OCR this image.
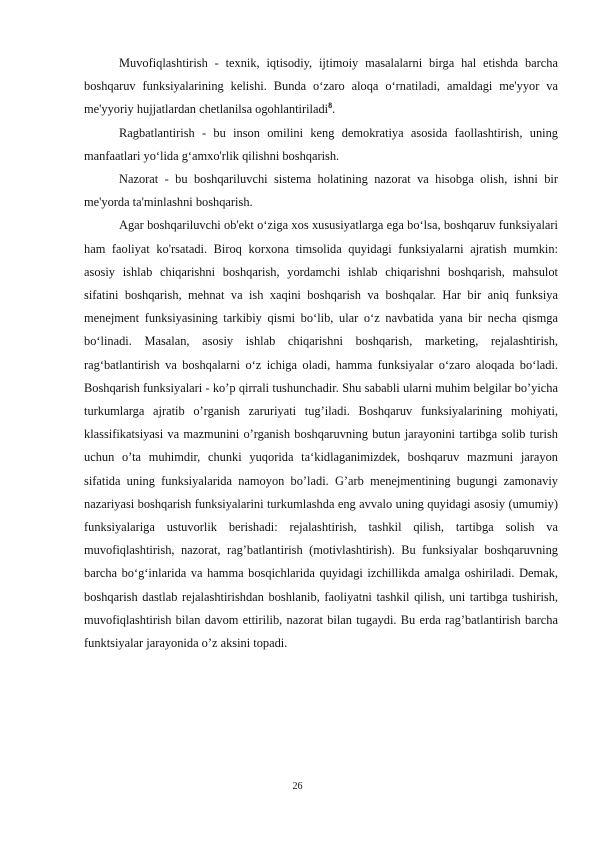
Muvofiqlashtirish - texnik, iqtisodiy, ijtimoiy masalalarni birga hal etishda barcha boshqaruv funksiyalarining kelishi. Bunda o‘zaro aloqa o‘rnatiladi, amaldagi me'yyor va me'yyoriy hujjatlardan chetlanilsa ogohlantiriladi$^8$.

Ragbatlantirish - bu inson omilini keng demokratiya asosida faollashtirish, uning manfaatlari yo‘lida g‘amxo'rlik qilishni boshqarish.

Nazorat - bu boshqariluvchi sistema holatining nazorat va hisobga olish, ishni bir me'yorda ta'minlashni boshqarish.

Agar boshqariluvchi ob'ekt o‘ziga xos xususiyatlarga ega bo‘lsa, boshqaruv funksiyalari ham faoliyat ko'rsatadi. Biroq korxona timsolida quyidagi funksiyalarni ajratish mumkin: asosiy ishlab chiqarishni boshqarish, yordamchi ishlab chiqarishni boshqarish, mahsulot sifatini boshqarish, mehnat va ish xaqini boshqarish va boshqalar. Har bir aniq funksiya menejment funksiyasining tarkibiy qismi bo‘lib, ular o‘z navbatida yana bir necha qismga bo‘linadi. Masalan, asosiy ishlab chiqarishni boshqarish, marketing, rejalashtirish, rag‘batlantirish va boshqalarni o‘z ichiga oladi, hamma funksiyalar o‘zaro aloqada bo‘ladi. Boshqarish funksiyalari - ko’p qirrali tushunchadir. Shu sababli ularni muhim belgilar bo’yicha turkumlarga ajratib o’rganish zaruriyati tug’iladi. Boshqaruv funksiyalarining mohiyati, klassifikatsiyasi va mazmunini o’rganish boshqaruvning butun jarayonini tartibga solib turish uchun o’ta muhimdir, chunki yuqorida ta‘kidlaganimizdek, boshqaruv mazmuni jarayon sifatida uning funksiyalarida namoyon bo’ladi. G’arb menejmentining bugungi zamonaviy nazariyasi boshqarish funksiyalarini turkumlashda eng avvalo uning quyidagi asosiy (umumiy) funksiyalariga ustuvorlik berishadi: rejalashtirish, tashkil qilish, tartibga solish va muvofiqlashtirish, nazorat, rag’batlantirish (motivlashtirish). Bu funksiyalar boshqaruvning barcha bo‘g‘inlarida va hamma bosqichlarida quyidagi izchillikda amalga oshiriladi. Demak, boshqarish dastlab rejalashtirishdan boshlanib, faoliyatni tashkil qilish, uni tartibga tushirish, muvofiqlashtirish bilan davom ettirilib, nazorat bilan tugaydi. Bu erda rag’batlantirish barcha funktsiyalar jarayonida o’z aksini topadi.

26
